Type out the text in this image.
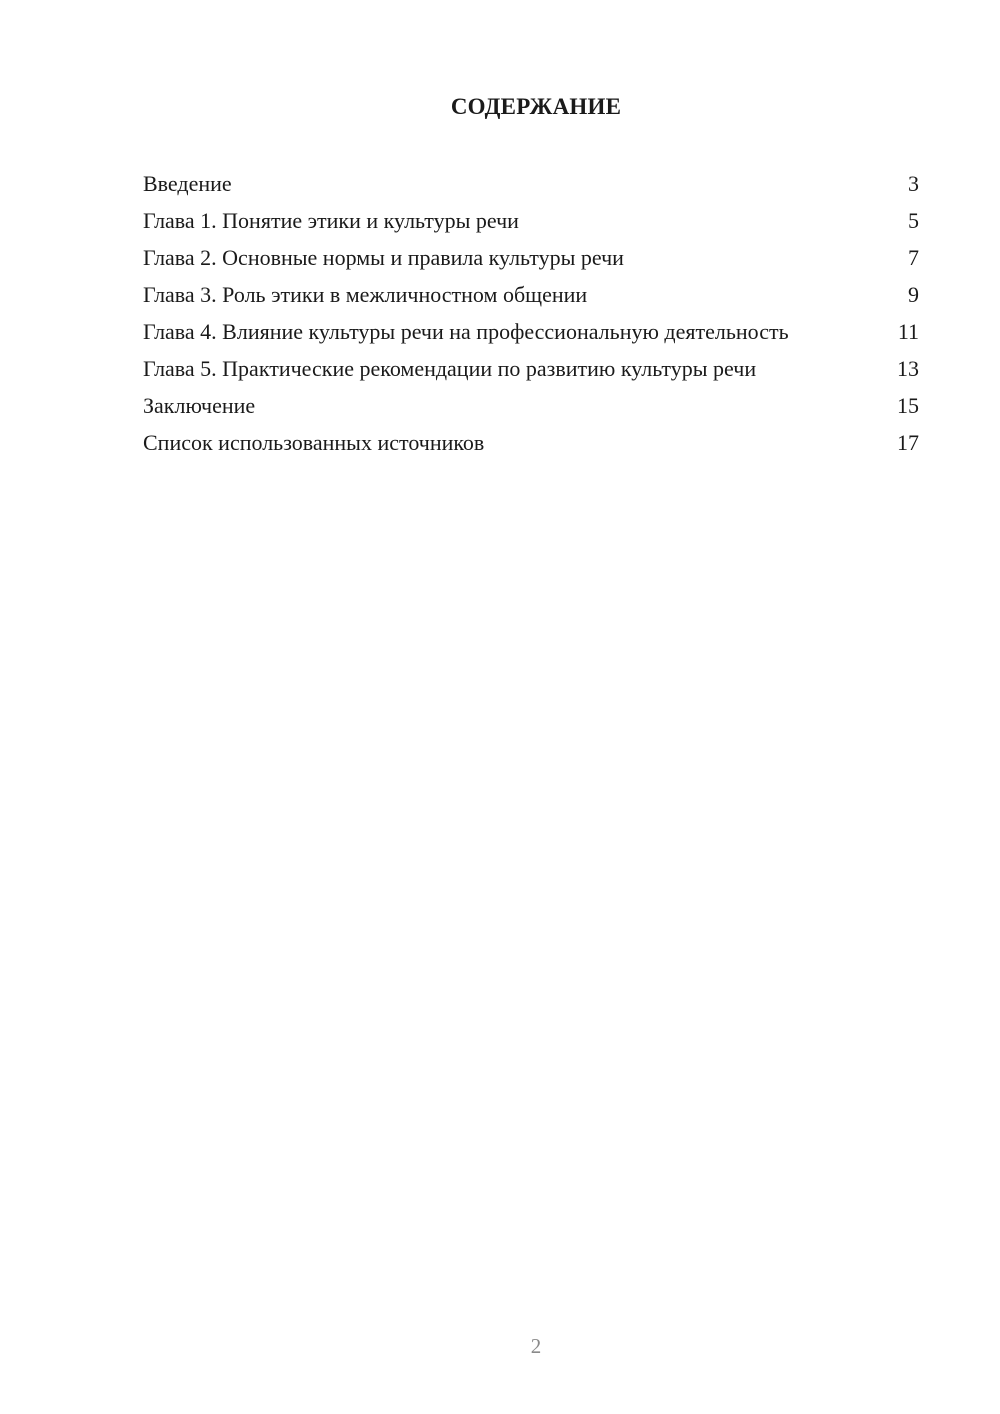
СОДЕРЖАНИЕ
Введение	3
Глава 1. Понятие этики и культуры речи	5
Глава 2. Основные нормы и правила культуры речи	7
Глава 3. Роль этики в межличностном общении	9
Глава 4. Влияние культуры речи на профессиональную деятельность	11
Глава 5. Практические рекомендации по развитию культуры речи	13
Заключение	15
Список использованных источников	17
2
